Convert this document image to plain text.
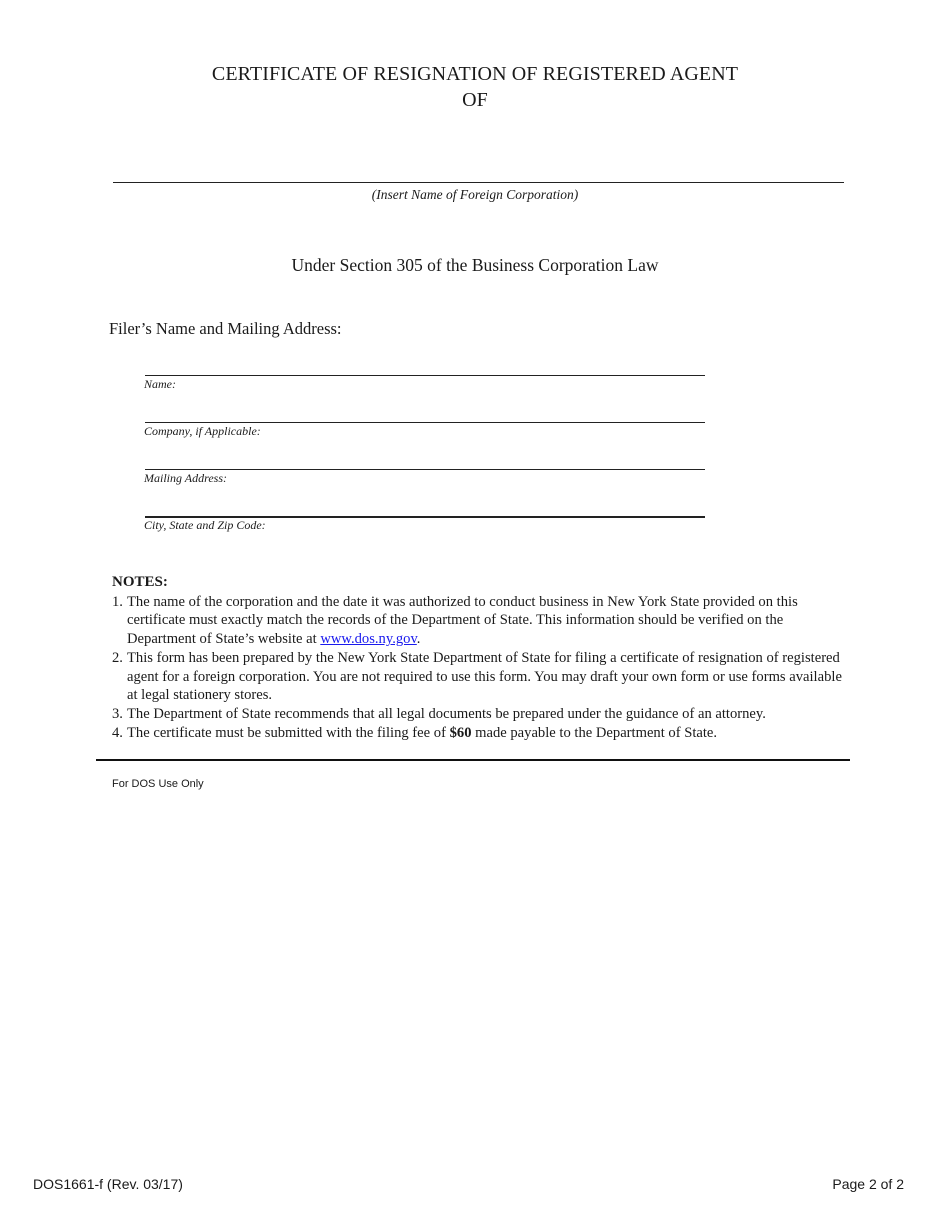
CERTIFICATE OF RESIGNATION OF REGISTERED AGENT
OF
(Insert Name of Foreign Corporation)
Under Section 305 of the Business Corporation Law
Filer’s Name and Mailing Address:
Name:
Company, if Applicable:
Mailing Address:
City, State and Zip Code:
NOTES:
1. The name of the corporation and the date it was authorized to conduct business in New York State provided on this certificate must exactly match the records of the Department of State. This information should be verified on the Department of State’s website at www.dos.ny.gov.
2. This form has been prepared by the New York State Department of State for filing a certificate of resignation of registered agent for a foreign corporation. You are not required to use this form. You may draft your own form or use forms available at legal stationery stores.
3. The Department of State recommends that all legal documents be prepared under the guidance of an attorney.
4. The certificate must be submitted with the filing fee of $60 made payable to the Department of State.
For DOS Use Only
DOS1661-f (Rev. 03/17)	Page 2 of 2
